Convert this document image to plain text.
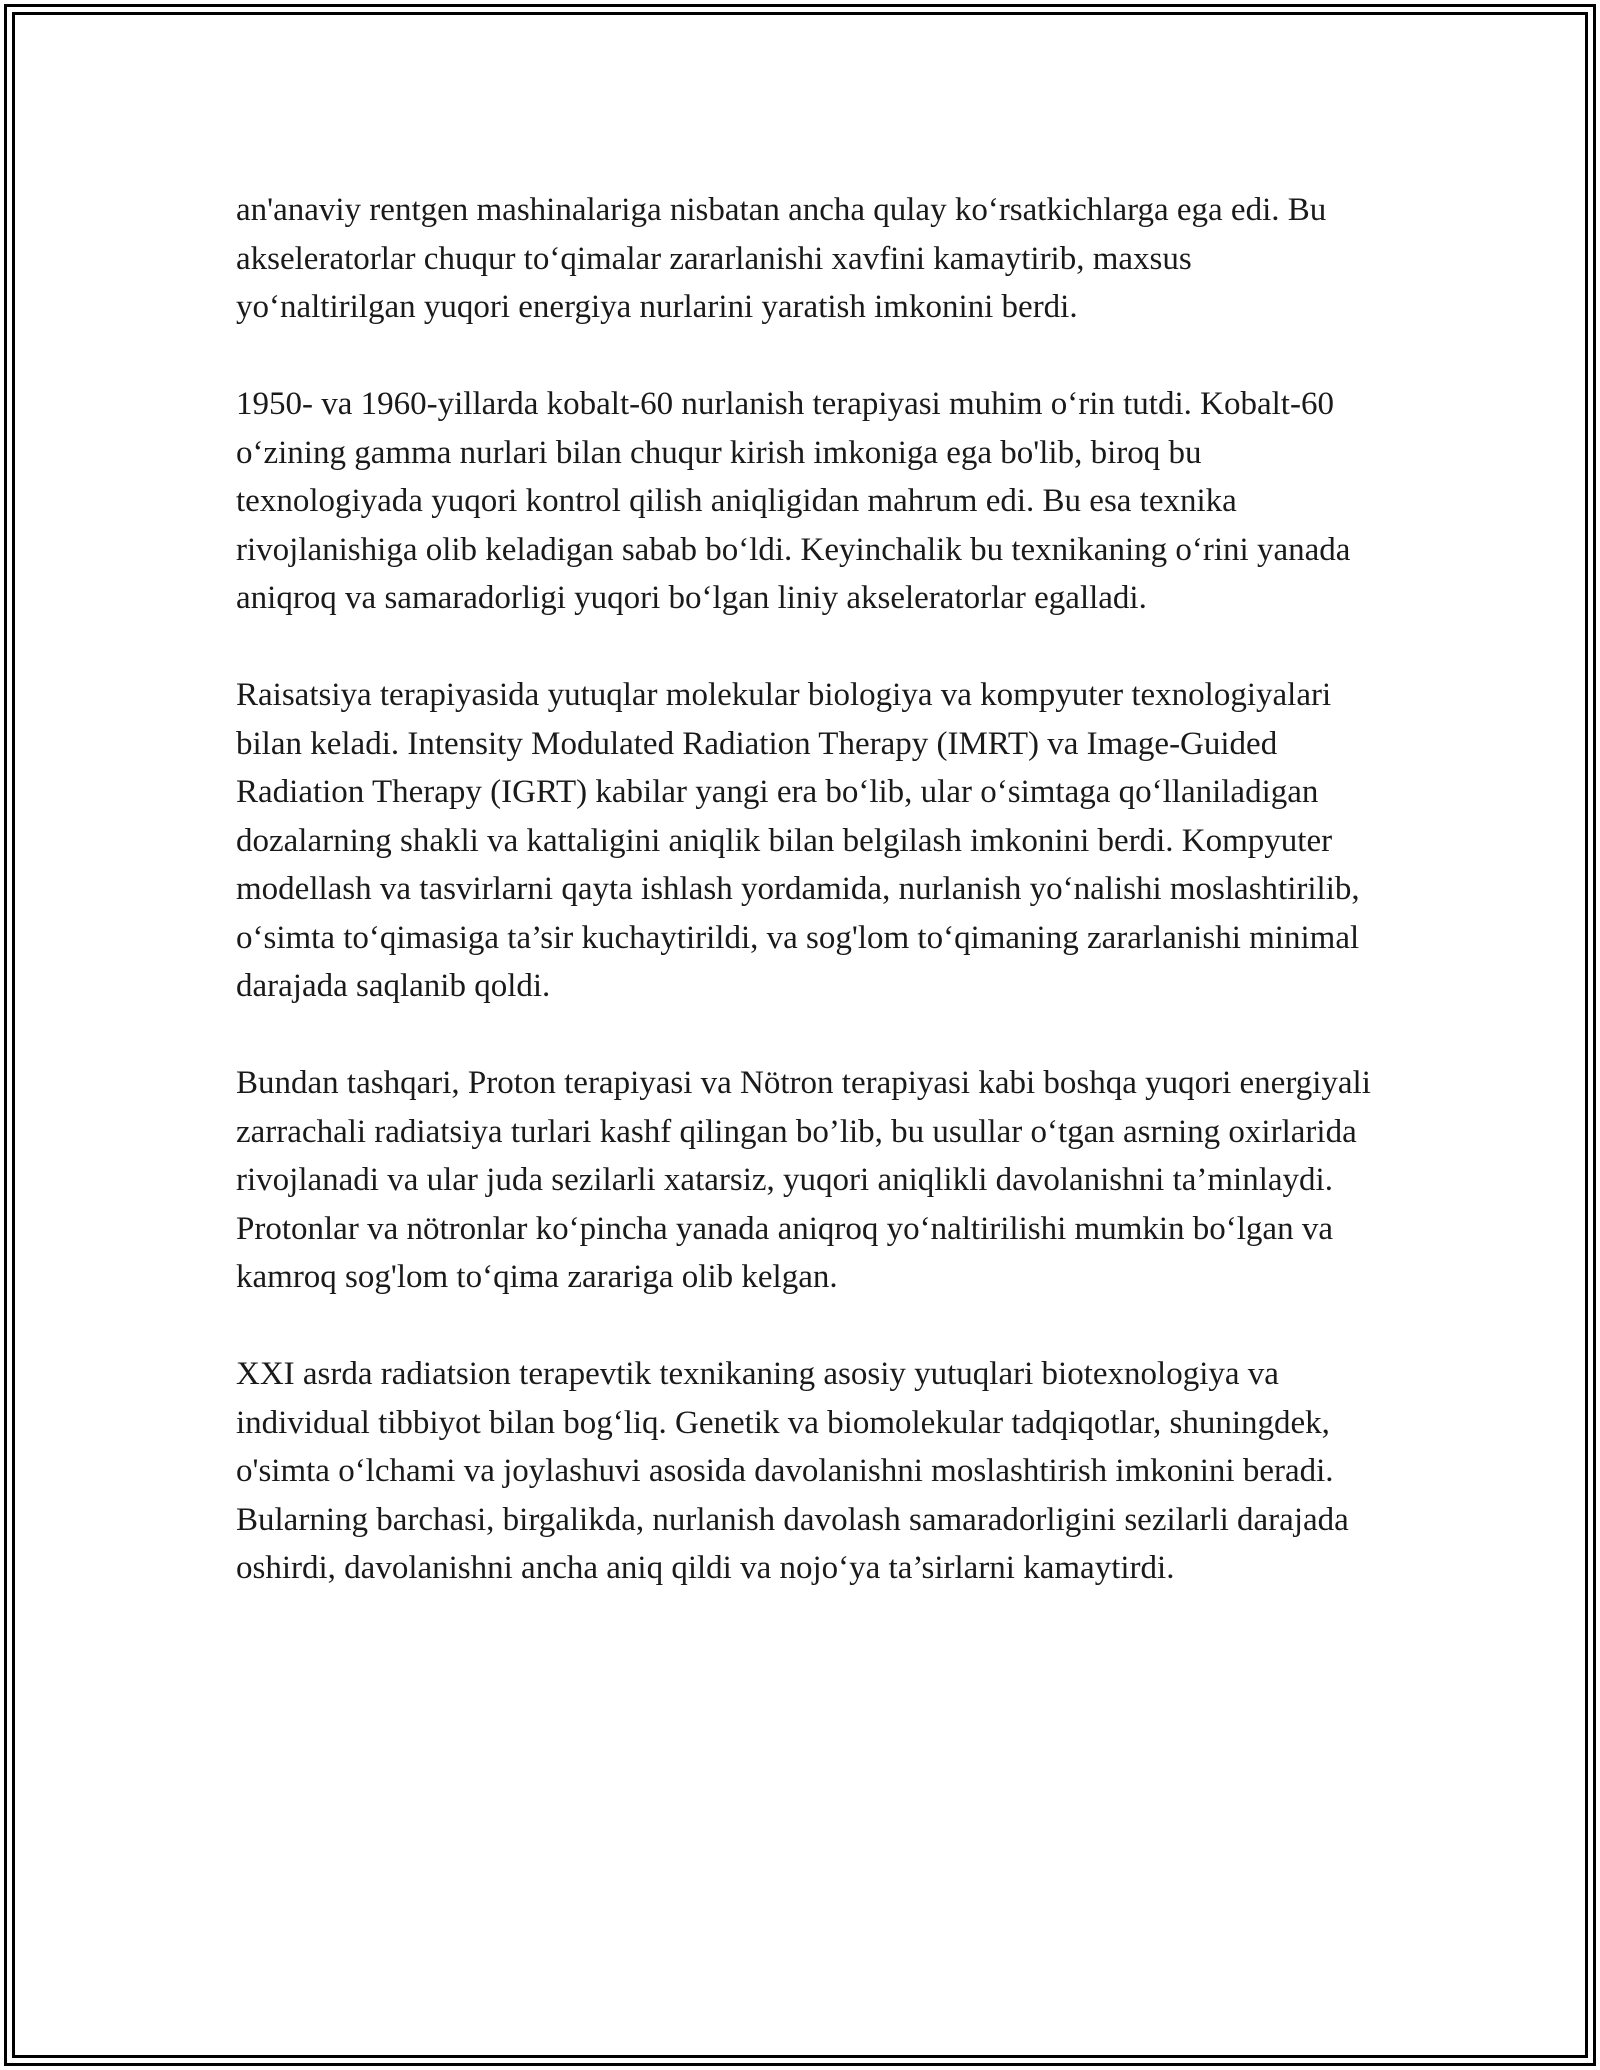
an'anaviy rentgen mashinalariga nisbatan ancha qulay ko‘rsatkichlarga ega edi. Bu akseleratorlar chuqur to‘qimalar zararlanishi xavfini kamaytirib, maxsus yo‘naltirilgan yuqori energiya nurlarini yaratish imkonini berdi.

1950- va 1960-yillarda kobalt-60 nurlanish terapiyasi muhim o‘rin tutdi. Kobalt-60 o‘zining gamma nurlari bilan chuqur kirish imkoniga ega bo'lib, biroq bu texnologiyada yuqori kontrol qilish aniqligidan mahrum edi. Bu esa texnika rivojlanishiga olib keladigan sabab bo‘ldi. Keyinchalik bu texnikaning o‘rini yanada aniqroq va samaradorligi yuqori bo‘lgan liniy akseleratorlar egalladi.

Raisatsiya terapiyasida yutuqlar molekular biologiya va kompyuter texnologiyalari bilan keladi. Intensity Modulated Radiation Therapy (IMRT) va Image-Guided Radiation Therapy (IGRT) kabilar yangi era bo‘lib, ular o‘simtaga qo‘llaniladigan dozalarning shakli va kattaligini aniqlik bilan belgilash imkonini berdi. Kompyuter modellash va tasvirlarni qayta ishlash yordamida, nurlanish yo‘nalishi moslashtirilib, o‘simta to‘qimasiga ta’sir kuchaytirildi, va sog'lom to‘qimaning zararlanishi minimal darajada saqlanib qoldi.

Bundan tashqari, Proton terapiyasi va Nötron terapiyasi kabi boshqa yuqori energiyali zarrachali radiatsiya turlari kashf qilingan bo’lib, bu usullar o‘tgan asrning oxirlarida rivojlanadi va ular juda sezilarli xatarsiz, yuqori aniqlikli davolanishni ta’minlaydi. Protonlar va nötronlar ko‘pincha yanada aniqroq yo‘naltirilishi mumkin bo‘lgan va kamroq sog'lom to‘qima zarariga olib kelgan.

XXI asrda radiatsion terapevtik texnikaning asosiy yutuqlari biotexnologiya va individual tibbiyot bilan bog‘liq. Genetik va biomolekular tadqiqotlar, shuningdek, o'simta o‘lchami va joylashuvi asosida davolanishni moslashtirish imkonini beradi. Bularning barchasi, birgalikda, nurlanish davolash samaradorligini sezilarli darajada oshirdi, davolanishni ancha aniq qildi va nojo‘ya ta’sirlarni kamaytirdi.
